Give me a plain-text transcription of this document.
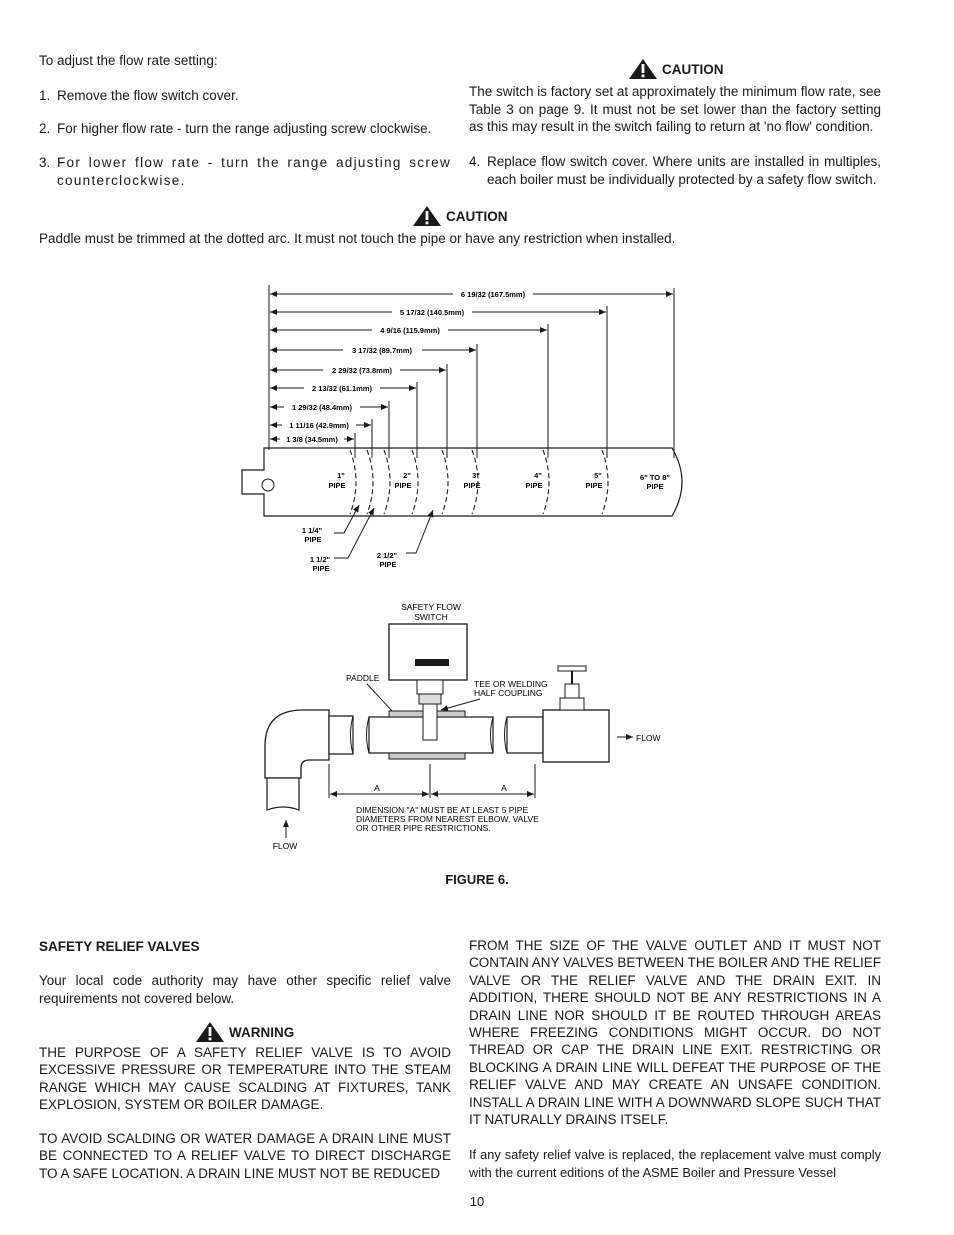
To adjust the flow rate setting:
1. Remove the flow switch cover.
2. For higher flow rate - turn the range adjusting screw clockwise.
3. For lower flow rate - turn the range adjusting screw counterclockwise.
CAUTION
The switch is factory set at approximately the minimum flow rate, see Table 3 on page 9. It must not be set lower than the factory setting as this may result in the switch failing to return at 'no flow' condition.
4. Replace flow switch cover. Where units are installed in multiples, each boiler must be individually protected by a safety flow switch.
CAUTION
Paddle must be trimmed at the dotted arc. It must not touch the pipe or have any restriction when installed.
6 19/32 (167.5mm)
5 17/32 (140.5mm)
4 9/16 (115.9mm)
3 17/32 (89.7mm)
2 29/32 (73.8mm)
2 13/32 (61.1mm)
1 29/32 (48.4mm)
1 11/16 (42.9mm)
1 3/8 (34.5mm)
1"
PIPE
2"
PIPE
3"
PIPE
4"
PIPE
5"
PIPE
6" TO 8"
PIPE
1 1/4"
PIPE
1 1/2"
PIPE
2 1/2"
PIPE
SAFETY FLOW
SWITCH
PADDLE
TEE OR WELDING
HALF COUPLING
FLOW
FLOW
A	A
DIMENSION "A" MUST BE AT LEAST 5 PIPE
DIAMETERS FROM NEAREST ELBOW, VALVE
OR OTHER PIPE RESTRICTIONS.
FIGURE 6.
SAFETY RELIEF VALVES
Your local code authority may have other specific relief valve requirements not covered below.
WARNING
THE PURPOSE OF A SAFETY RELIEF VALVE IS TO AVOID EXCESSIVE PRESSURE OR TEMPERATURE INTO THE STEAM RANGE WHICH MAY CAUSE SCALDING AT FIXTURES, TANK EXPLOSION, SYSTEM OR BOILER DAMAGE.
TO AVOID SCALDING OR WATER DAMAGE A DRAIN LINE MUST BE CONNECTED TO A RELIEF VALVE TO DIRECT DISCHARGE TO A SAFE LOCATION. A DRAIN LINE MUST NOT BE REDUCED
FROM THE SIZE OF THE VALVE OUTLET AND IT MUST NOT CONTAIN ANY VALVES BETWEEN THE BOILER AND THE RELIEF VALVE OR THE RELIEF VALVE AND THE DRAIN EXIT. IN ADDITION, THERE SHOULD NOT BE ANY RESTRICTIONS IN A DRAIN LINE NOR SHOULD IT BE ROUTED THROUGH AREAS WHERE FREEZING CONDITIONS MIGHT OCCUR. DO NOT THREAD OR CAP THE DRAIN LINE EXIT. RESTRICTING OR BLOCKING A DRAIN LINE WILL DEFEAT THE PURPOSE OF THE RELIEF VALVE AND MAY CREATE AN UNSAFE CONDITION. INSTALL A DRAIN LINE WITH A DOWNWARD SLOPE SUCH THAT IT NATURALLY DRAINS ITSELF.
If any safety relief valve is replaced, the replacement valve must comply with the current editions of the ASME Boiler and Pressure Vessel
10
